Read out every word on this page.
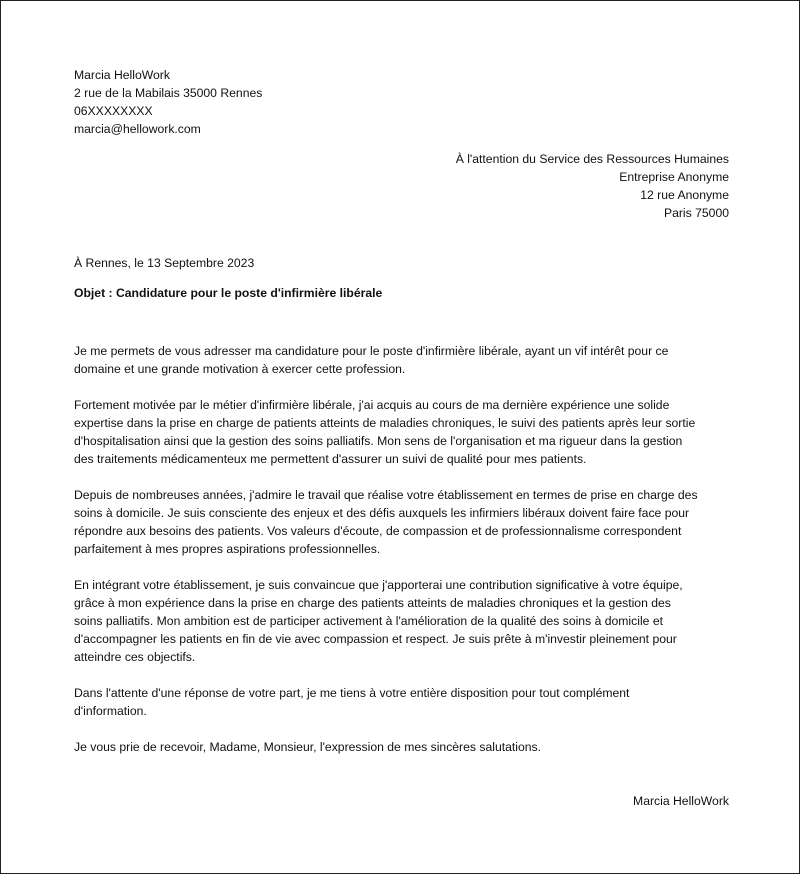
Marcia HelloWork
2 rue de la Mabilais 35000 Rennes
06XXXXXXXX
marcia@hellowork.com
À l'attention du Service des Ressources Humaines
Entreprise Anonyme
12 rue Anonyme
Paris 75000
À Rennes, le 13 Septembre 2023
Objet : Candidature pour le poste d'infirmière libérale
Je me permets de vous adresser ma candidature pour le poste d'infirmière libérale, ayant un vif intérêt pour ce
domaine et une grande motivation à exercer cette profession.
Fortement motivée par le métier d'infirmière libérale, j'ai acquis au cours de ma dernière expérience une solide
expertise dans la prise en charge de patients atteints de maladies chroniques, le suivi des patients après leur sortie
d'hospitalisation ainsi que la gestion des soins palliatifs. Mon sens de l'organisation et ma rigueur dans la gestion
des traitements médicamenteux me permettent d'assurer un suivi de qualité pour mes patients.
Depuis de nombreuses années, j'admire le travail que réalise votre établissement en termes de prise en charge des
soins à domicile. Je suis consciente des enjeux et des défis auxquels les infirmiers libéraux doivent faire face pour
répondre aux besoins des patients. Vos valeurs d'écoute, de compassion et de professionnalisme correspondent
parfaitement à mes propres aspirations professionnelles.
En intégrant votre établissement, je suis convaincue que j'apporterai une contribution significative à votre équipe,
grâce à mon expérience dans la prise en charge des patients atteints de maladies chroniques et la gestion des
soins palliatifs. Mon ambition est de participer activement à l'amélioration de la qualité des soins à domicile et
d'accompagner les patients en fin de vie avec compassion et respect. Je suis prête à m'investir pleinement pour
atteindre ces objectifs.
Dans l'attente d'une réponse de votre part, je me tiens à votre entière disposition pour tout complément
d'information.
Je vous prie de recevoir, Madame, Monsieur, l'expression de mes sincères salutations.
Marcia HelloWork
